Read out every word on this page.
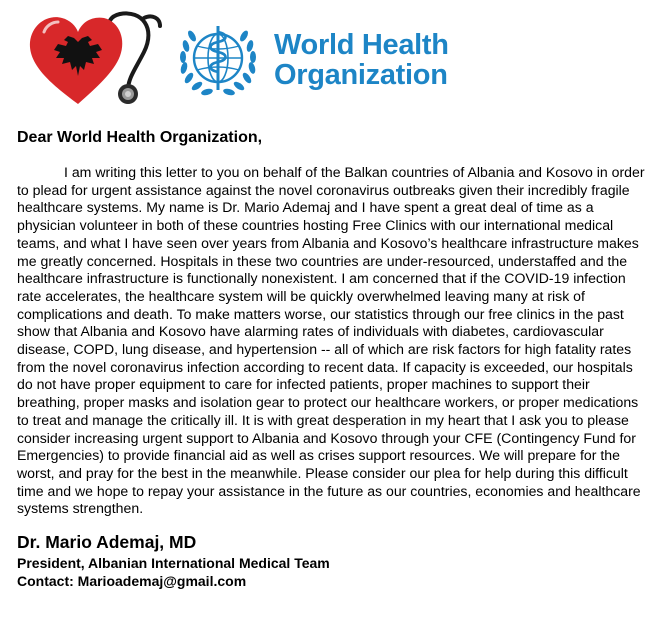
World Health
Organization

Dear World Health Organization,

I am writing this letter to you on behalf of the Balkan countries of Albania and Kosovo in order to plead for urgent assistance against the novel coronavirus outbreaks given their incredibly fragile healthcare systems. My name is Dr. Mario Ademaj and I have spent a great deal of time as a physician volunteer in both of these countries hosting Free Clinics with our international medical teams, and what I have seen over years from Albania and Kosovo’s healthcare infrastructure makes me greatly concerned. Hospitals in these two countries are under-resourced, understaffed and the healthcare infrastructure is functionally nonexistent. I am concerned that if the COVID-19 infection rate accelerates, the healthcare system will be quickly overwhelmed leaving many at risk of complications and death. To make matters worse, our statistics through our free clinics in the past show that Albania and Kosovo have alarming rates of individuals with diabetes, cardiovascular disease, COPD, lung disease, and hypertension -- all of which are risk factors for high fatality rates from the novel coronavirus infection according to recent data. If capacity is exceeded, our hospitals do not have proper equipment to care for infected patients, proper machines to support their breathing, proper masks and isolation gear to protect our healthcare workers, or proper medications to treat and manage the critically ill. It is with great desperation in my heart that I ask you to please consider increasing urgent support to Albania and Kosovo through your CFE (Contingency Fund for Emergencies) to provide financial aid as well as crises support resources. We will prepare for the worst, and pray for the best in the meanwhile. Please consider our plea for help during this difficult time and we hope to repay your assistance in the future as our countries, economies and healthcare systems strengthen.

Dr. Mario Ademaj, MD

President, Albanian International Medical Team

Contact: Marioademaj@gmail.com
